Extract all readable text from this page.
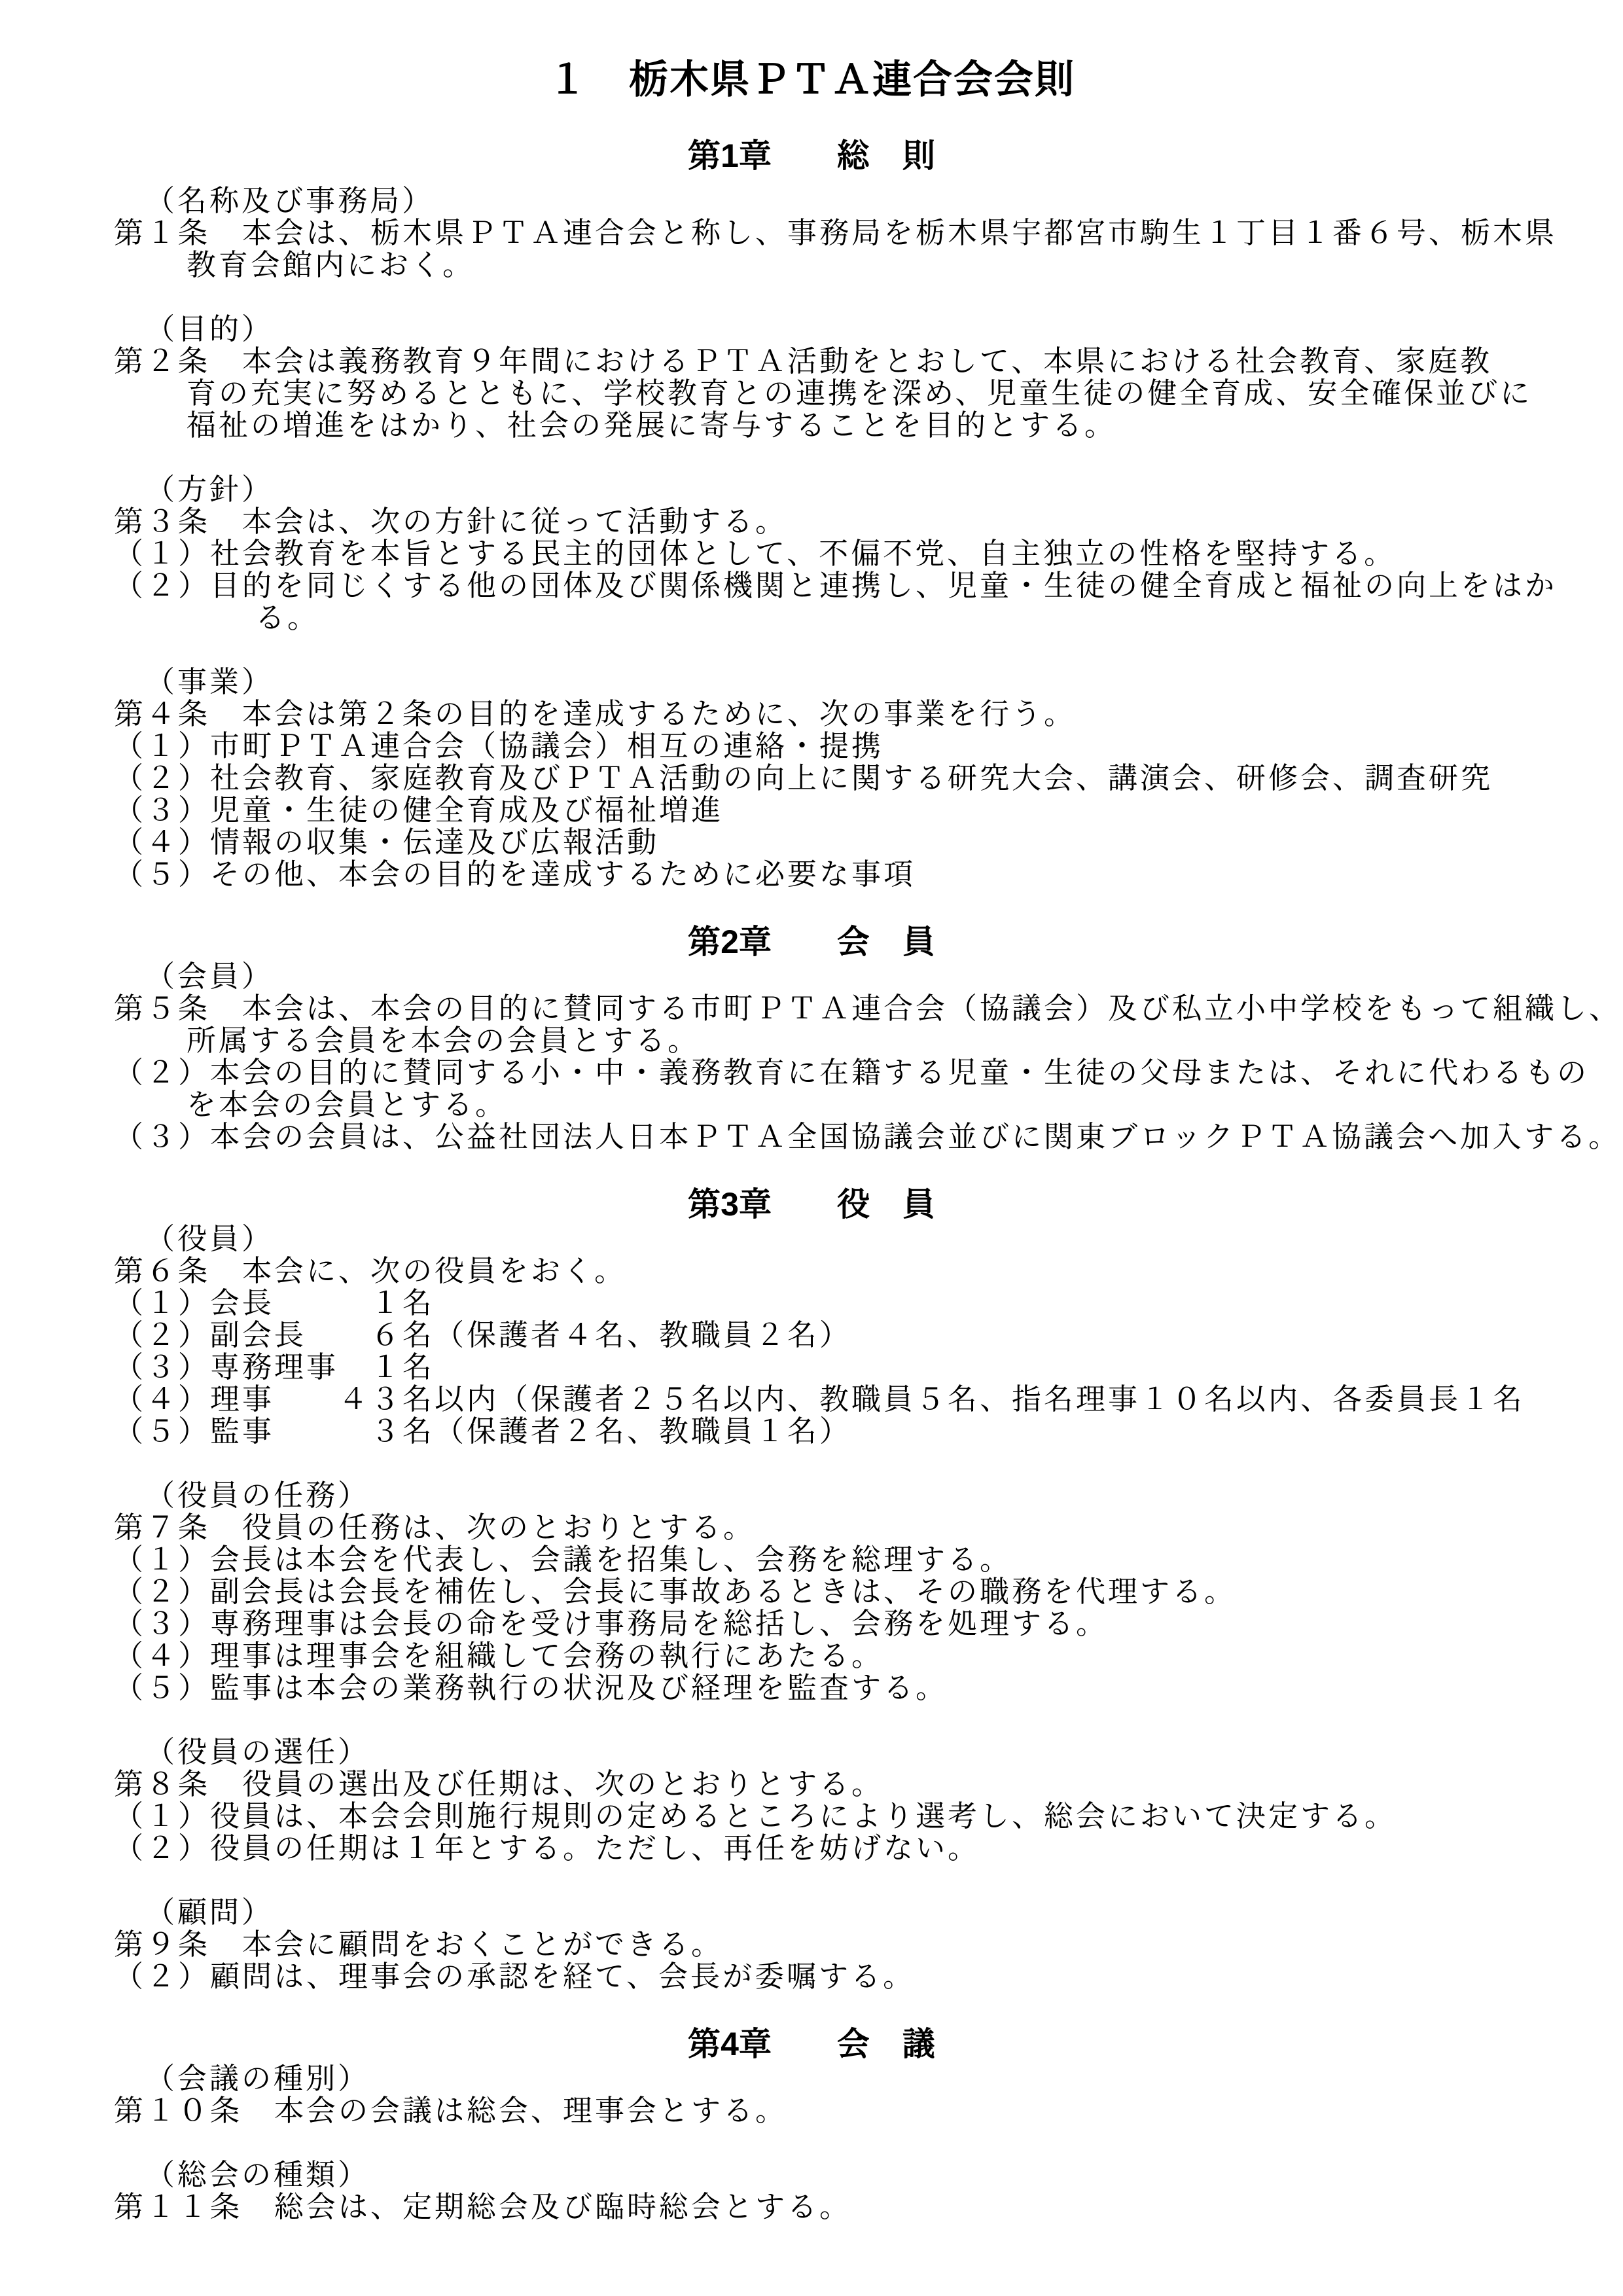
１　栃木県ＰＴＡ連合会会則
第1章　　総　則
（名称及び事務局）
第１条　本会は、栃木県ＰＴＡ連合会と称し、事務局を栃木県宇都宮市駒生１丁目１番６号、栃木県
教育会館内におく。
（目的）
第２条　本会は義務教育９年間におけるＰＴＡ活動をとおして、本県における社会教育、家庭教
育の充実に努めるとともに、学校教育との連携を深め、児童生徒の健全育成、安全確保並びに
福祉の増進をはかり、社会の発展に寄与することを目的とする。
（方針）
第３条　本会は、次の方針に従って活動する。
（１）社会教育を本旨とする民主的団体として、不偏不党、自主独立の性格を堅持する。
（２）目的を同じくする他の団体及び関係機関と連携し、児童・生徒の健全育成と福祉の向上をはか
る。
（事業）
第４条　本会は第２条の目的を達成するために、次の事業を行う。
（１）市町ＰＴＡ連合会（協議会）相互の連絡・提携
（２）社会教育、家庭教育及びＰＴＡ活動の向上に関する研究大会、講演会、研修会、調査研究
（３）児童・生徒の健全育成及び福祉増進
（４）情報の収集・伝達及び広報活動
（５）その他、本会の目的を達成するために必要な事項
第2章　　会　員
（会員）
第５条　本会は、本会の目的に賛同する市町ＰＴＡ連合会（協議会）及び私立小中学校をもって組織し、
所属する会員を本会の会員とする。
（２）本会の目的に賛同する小・中・義務教育に在籍する児童・生徒の父母または、それに代わるもの
を本会の会員とする。
（３）本会の会員は、公益社団法人日本ＰＴＡ全国協議会並びに関東ブロックＰＴＡ協議会へ加入する。
第3章　　役　員
（役員）
第６条　本会に、次の役員をおく。
（１）会長　　　１名
（２）副会長　　６名（保護者４名、教職員２名）
（３）専務理事　１名
（４）理事　　４３名以内（保護者２５名以内、教職員５名、指名理事１０名以内、各委員長１名
（５）監事　　　３名（保護者２名、教職員１名）
（役員の任務）
第７条　役員の任務は、次のとおりとする。
（１）会長は本会を代表し、会議を招集し、会務を総理する。
（２）副会長は会長を補佐し、会長に事故あるときは、その職務を代理する。
（３）専務理事は会長の命を受け事務局を総括し、会務を処理する。
（４）理事は理事会を組織して会務の執行にあたる。
（５）監事は本会の業務執行の状況及び経理を監査する。
（役員の選任）
第８条　役員の選出及び任期は、次のとおりとする。
（１）役員は、本会会則施行規則の定めるところにより選考し、総会において決定する。
（２）役員の任期は１年とする。ただし、再任を妨げない。
（顧問）
第９条　本会に顧問をおくことができる。
（２）顧問は、理事会の承認を経て、会長が委嘱する。
第4章　　会　議
（会議の種別）
第１０条　本会の会議は総会、理事会とする。
（総会の種類）
第１１条　総会は、定期総会及び臨時総会とする。
